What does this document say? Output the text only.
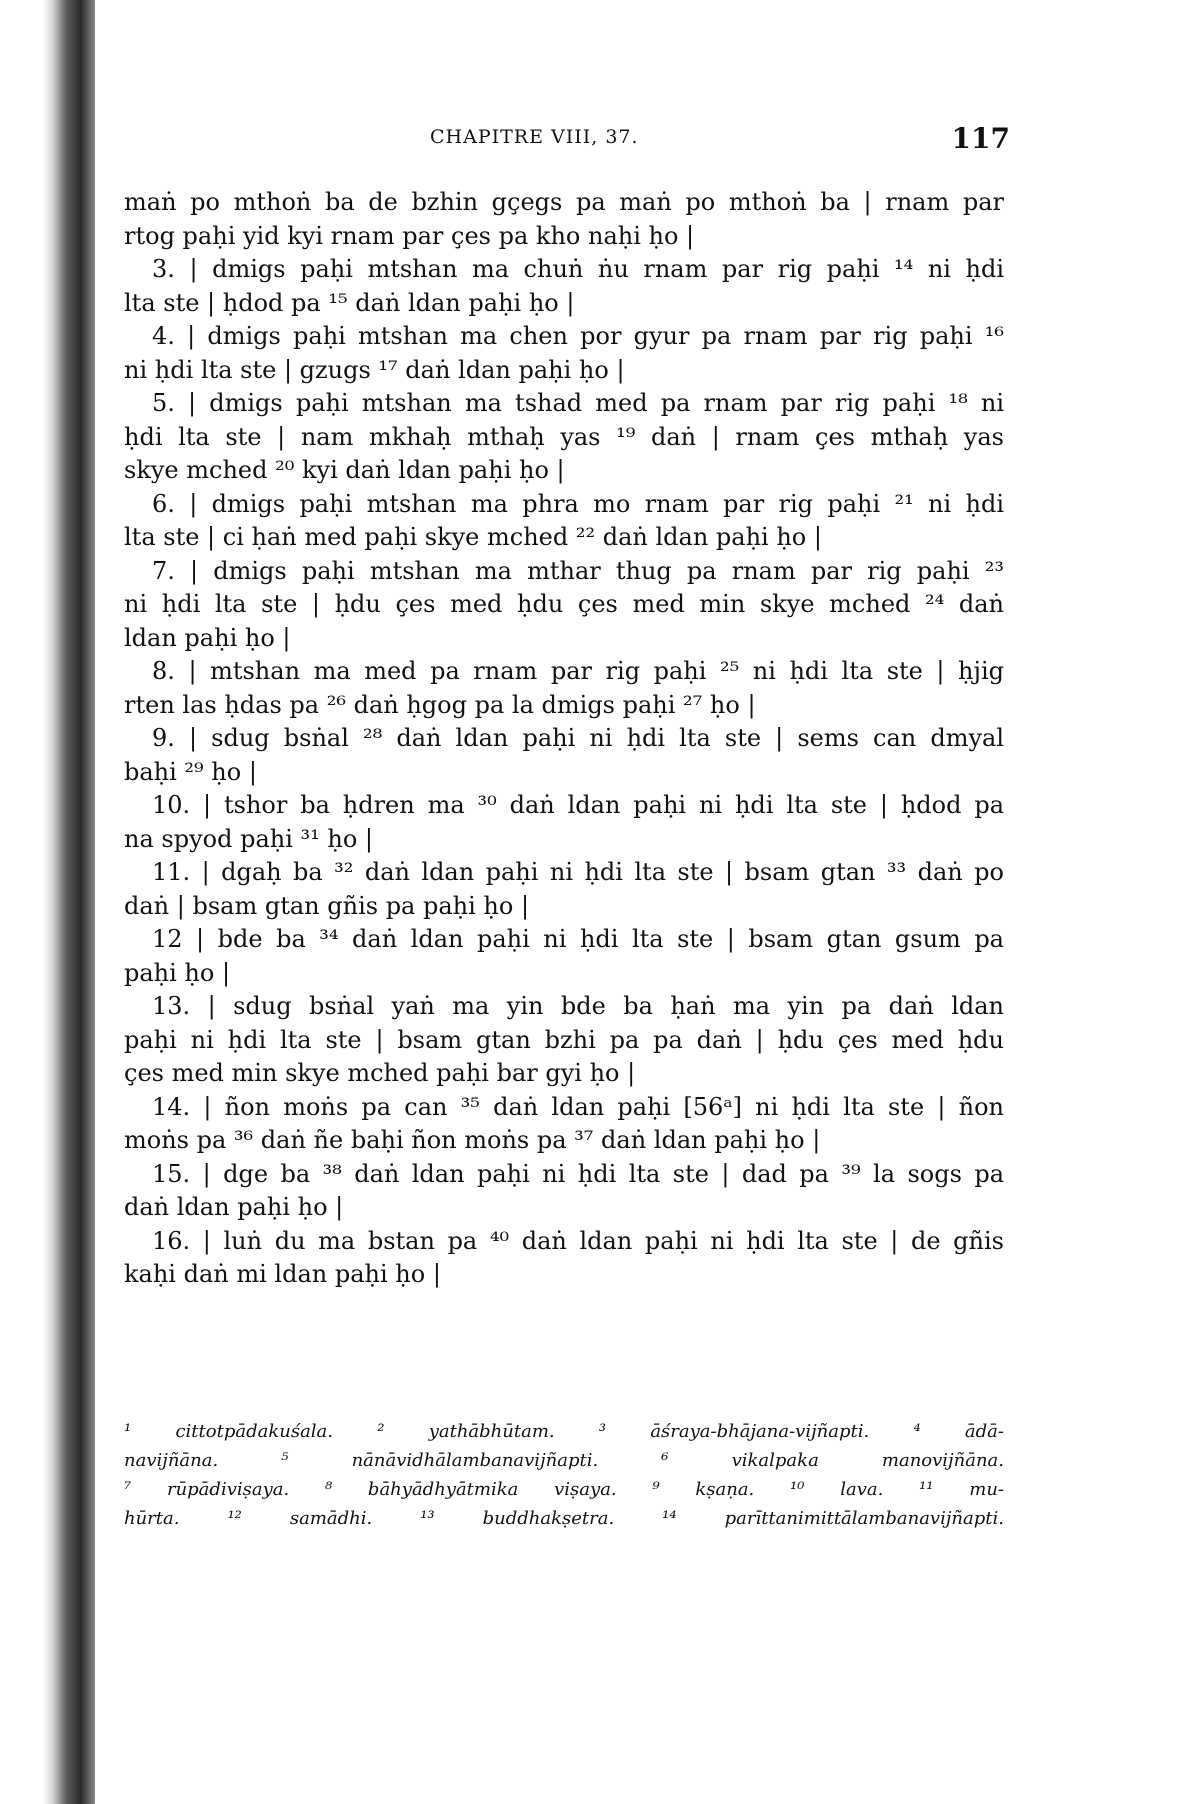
CHAPITRE VIII, 37.	117
maṅ po mthoṅ ba de bzhin gçegs pa maṅ po mthoṅ ba | rnam par
rtog paḥi yid kyi rnam par çes pa kho naḥi ḥo |
3. | dmigs paḥi mtshan ma chuṅ ṅu rnam par rig paḥi ¹⁴ ni ḥdi
lta ste | ḥdod pa ¹⁵ daṅ ldan paḥi ḥo |
4. | dmigs paḥi mtshan ma chen por gyur pa rnam par rig paḥi ¹⁶
ni ḥdi lta ste | gzugs ¹⁷ daṅ ldan paḥi ḥo |
5. | dmigs paḥi mtshan ma tshad med pa rnam par rig paḥi ¹⁸ ni
ḥdi lta ste | nam mkhaḥ mthaḥ yas ¹⁹ daṅ | rnam çes mthaḥ yas
skye mched ²⁰ kyi daṅ ldan paḥi ḥo |
6. | dmigs paḥi mtshan ma phra mo rnam par rig paḥi ²¹ ni ḥdi
lta ste | ci ḥaṅ med paḥi skye mched ²² daṅ ldan paḥi ḥo |
7. | dmigs paḥi mtshan ma mthar thug pa rnam par rig paḥi ²³
ni ḥdi lta ste | ḥdu çes med ḥdu çes med min skye mched ²⁴ daṅ
ldan paḥi ḥo |
8. | mtshan ma med pa rnam par rig paḥi ²⁵ ni ḥdi lta ste | ḥjig
rten las ḥdas pa ²⁶ daṅ ḥgog pa la dmigs paḥi ²⁷ ḥo |
9. | sdug bsṅal ²⁸ daṅ ldan paḥi ni ḥdi lta ste | sems can dmyal
baḥi ²⁹ ḥo |
10. | tshor ba ḥdren ma ³⁰ daṅ ldan paḥi ni ḥdi lta ste | ḥdod pa
na spyod paḥi ³¹ ḥo |
11. | dgaḥ ba ³² daṅ ldan paḥi ni ḥdi lta ste | bsam gtan ³³ daṅ po
daṅ | bsam gtan gñis pa paḥi ḥo |
12 | bde ba ³⁴ daṅ ldan paḥi ni ḥdi lta ste | bsam gtan gsum pa
paḥi ḥo |
13. | sdug bsṅal yaṅ ma yin bde ba ḥaṅ ma yin pa daṅ ldan
paḥi ni ḥdi lta ste | bsam gtan bzhi pa pa daṅ | ḥdu çes med ḥdu
çes med min skye mched paḥi bar gyi ḥo |
14. | ñon moṅs pa can ³⁵ daṅ ldan paḥi [56ᵃ] ni ḥdi lta ste | ñon
moṅs pa ³⁶ daṅ ñe baḥi ñon moṅs pa ³⁷ daṅ ldan paḥi ḥo |
15. | dge ba ³⁸ daṅ ldan paḥi ni ḥdi lta ste | dad pa ³⁹ la sogs pa
daṅ ldan paḥi ḥo |
16. | luṅ du ma bstan pa ⁴⁰ daṅ ldan paḥi ni ḥdi lta ste | de gñis
kaḥi daṅ mi ldan paḥi ḥo |
¹ cittotpādakuśala. ² yathābhūtam. ³ āśraya-bhājana-vijñapti. ⁴ ādā-
navijñāna. ⁵ nānāvidhālambanavijñapti. ⁶ vikalpaka manovijñāna.
⁷ rūpādiviṣaya. ⁸ bāhyādhyātmika viṣaya. ⁹ kṣaṇa. ¹⁰ lava. ¹¹ mu-
hūrta. ¹² samādhi. ¹³ buddhakṣetra. ¹⁴ parīttanimittālambanavijñapti.
